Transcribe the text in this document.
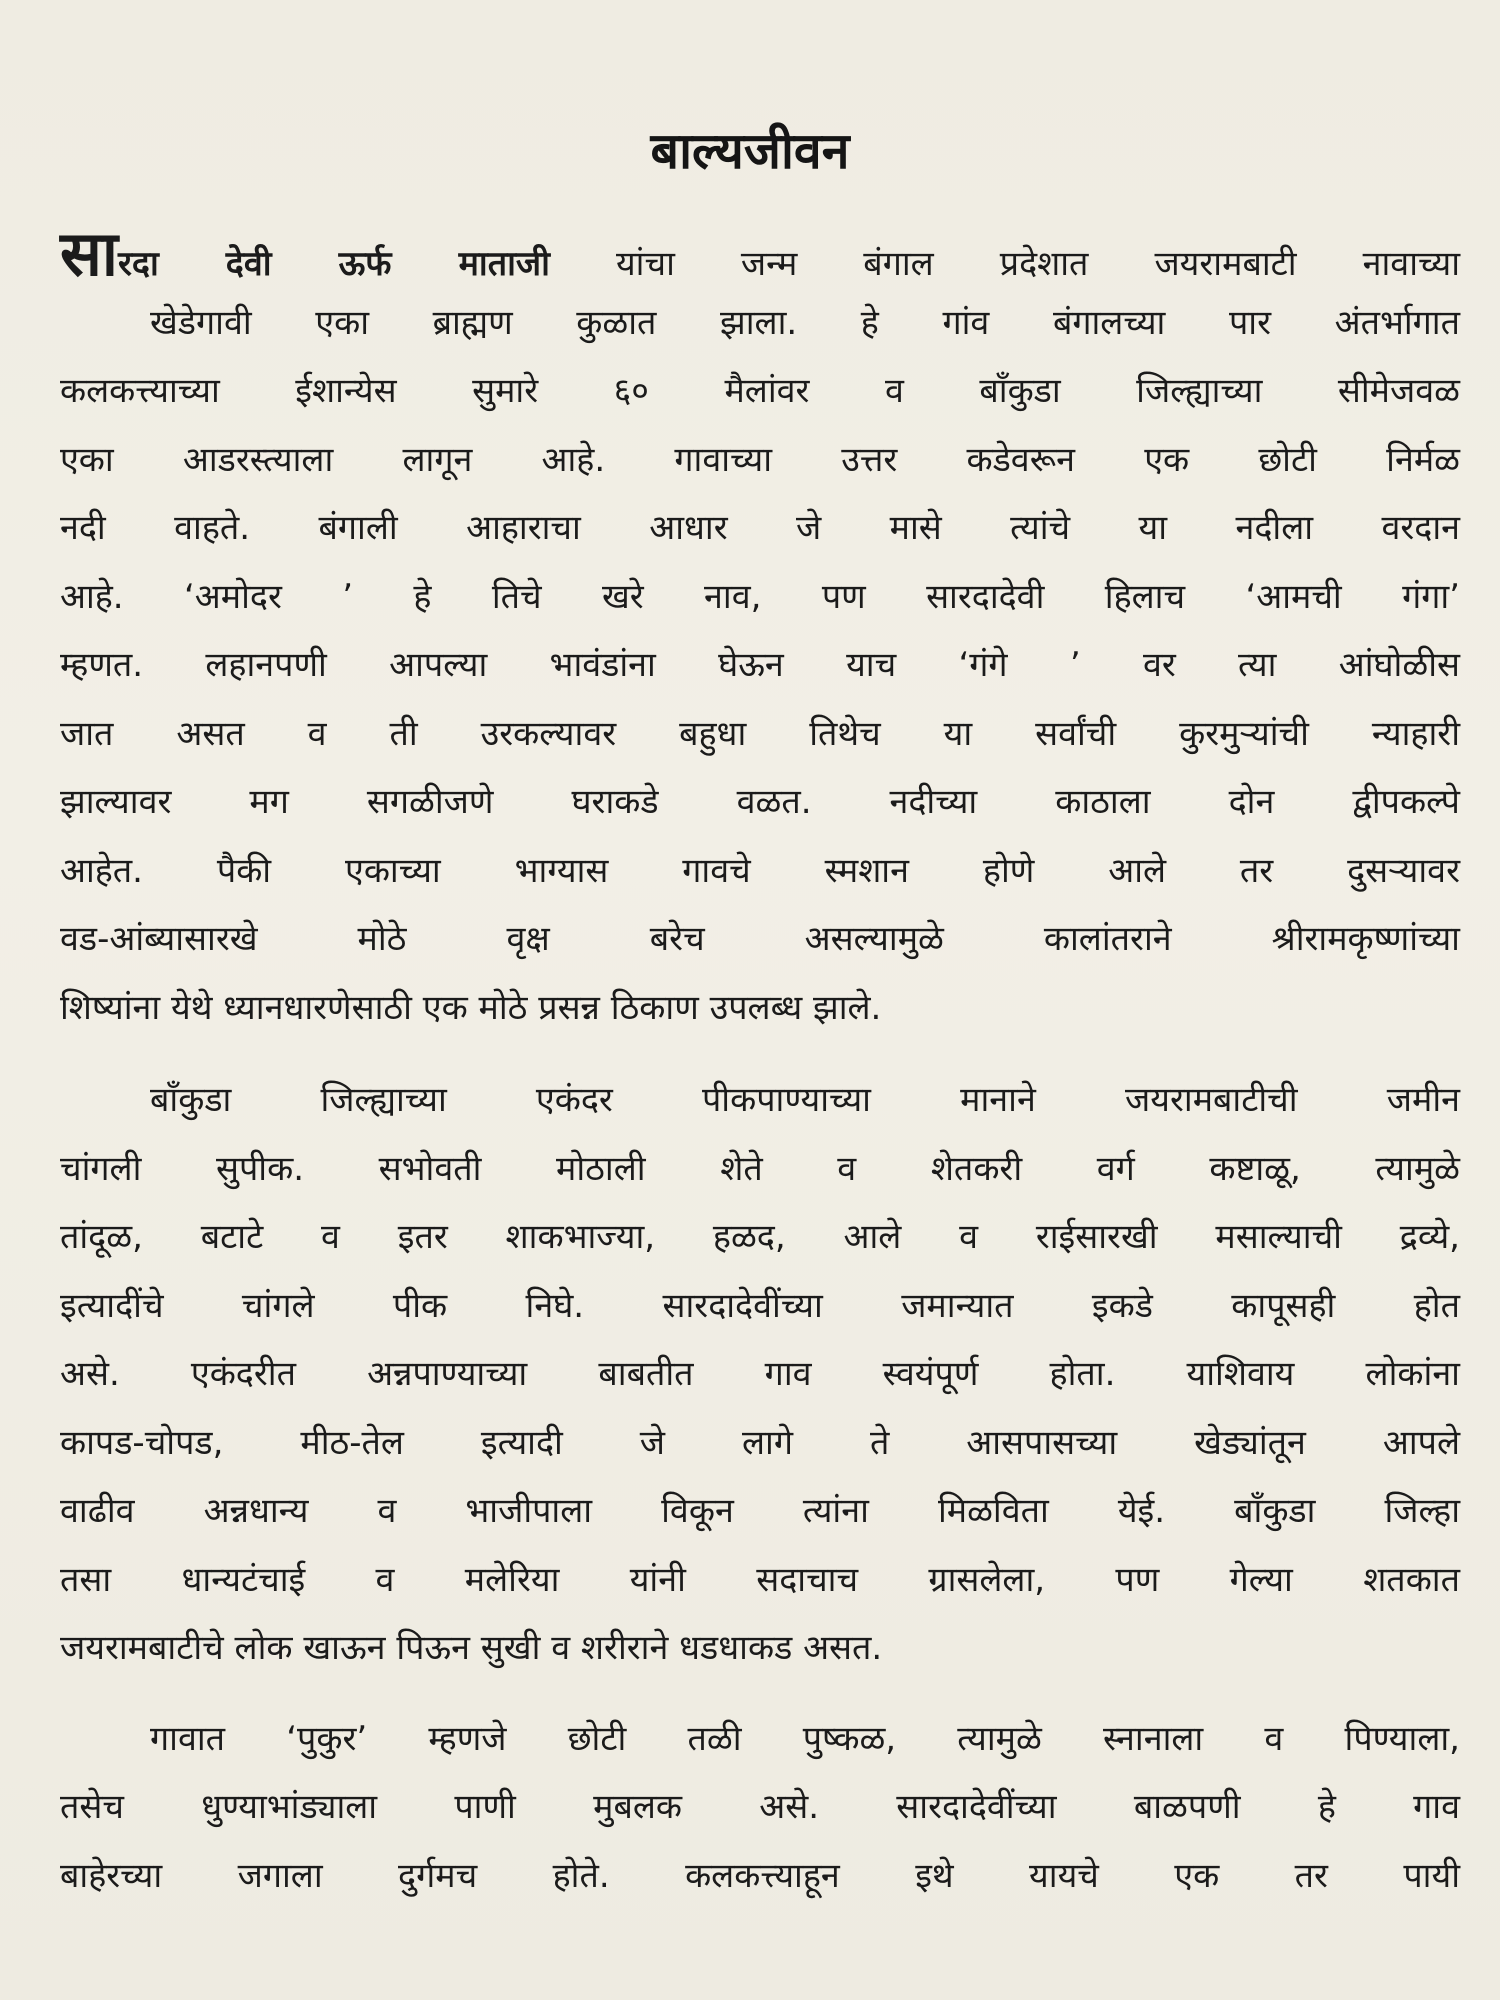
बाल्यजीवन
सारदा देवी ऊर्फ माताजी यांचा जन्म बंगाल प्रदेशात जयरामबाटी नावाच्या
खेडेगावी एका ब्राह्मण कुळात झाला. हे गांव बंगालच्या पार अंतर्भागात
कलकत्त्याच्या ईशान्येस सुमारे ६० मैलांवर व बाँकुडा जिल्ह्याच्या सीमेजवळ
एका आडरस्त्याला लागून आहे. गावाच्या उत्तर कडेवरून एक छोटी निर्मळ
नदी वाहते. बंगाली आहाराचा आधार जे मासे त्यांचे या नदीला वरदान
आहे. ‘अमोदर ’ हे तिचे खरे नाव, पण सारदादेवी हिलाच ‘आमची गंगा’
म्हणत. लहानपणी आपल्या भावंडांना घेऊन याच ‘गंगे ’ वर त्या आंघोळीस
जात असत व ती उरकल्यावर बहुधा तिथेच या सर्वांची कुरमुऱ्यांची न्याहारी
झाल्यावर मग सगळीजणे घराकडे वळत. नदीच्या काठाला दोन द्वीपकल्पे
आहेत. पैकी एकाच्या भाग्यास गावचे स्मशान होणे आले तर दुसऱ्यावर
वड-आंब्यासारखे मोठे वृक्ष बरेच असल्यामुळे कालांतराने श्रीरामकृष्णांच्या
शिष्यांना येथे ध्यानधारणेसाठी एक मोठे प्रसन्न ठिकाण उपलब्ध झाले.
बाँकुडा जिल्ह्याच्या एकंदर पीकपाण्याच्या मानाने जयरामबाटीची जमीन
चांगली सुपीक. सभोवती मोठाली शेते व शेतकरी वर्ग कष्टाळू, त्यामुळे
तांदूळ, बटाटे व इतर शाकभाज्या, हळद, आले व राईसारखी मसाल्याची द्रव्ये,
इत्यादींचे चांगले पीक निघे. सारदादेवींच्या जमान्यात इकडे कापूसही होत
असे. एकंदरीत अन्नपाण्याच्या बाबतीत गाव स्वयंपूर्ण होता. याशिवाय लोकांना
कापड-चोपड, मीठ-तेल इत्यादी जे लागे ते आसपासच्या खेड्यांतून आपले
वाढीव अन्नधान्य व भाजीपाला विकून त्यांना मिळविता येई. बाँकुडा जिल्हा
तसा धान्यटंचाई व मलेरिया यांनी सदाचाच ग्रासलेला, पण गेल्या शतकात
जयरामबाटीचे लोक खाऊन पिऊन सुखी व शरीराने धडधाकड असत.
गावात ‘पुकुर’ म्हणजे छोटी तळी पुष्कळ, त्यामुळे स्नानाला व पिण्याला,
तसेच धुण्याभांड्याला पाणी मुबलक असे. सारदादेवींच्या बाळपणी हे गाव
बाहेरच्या जगाला दुर्गमच होते. कलकत्त्याहून इथे यायचे एक तर पायी
